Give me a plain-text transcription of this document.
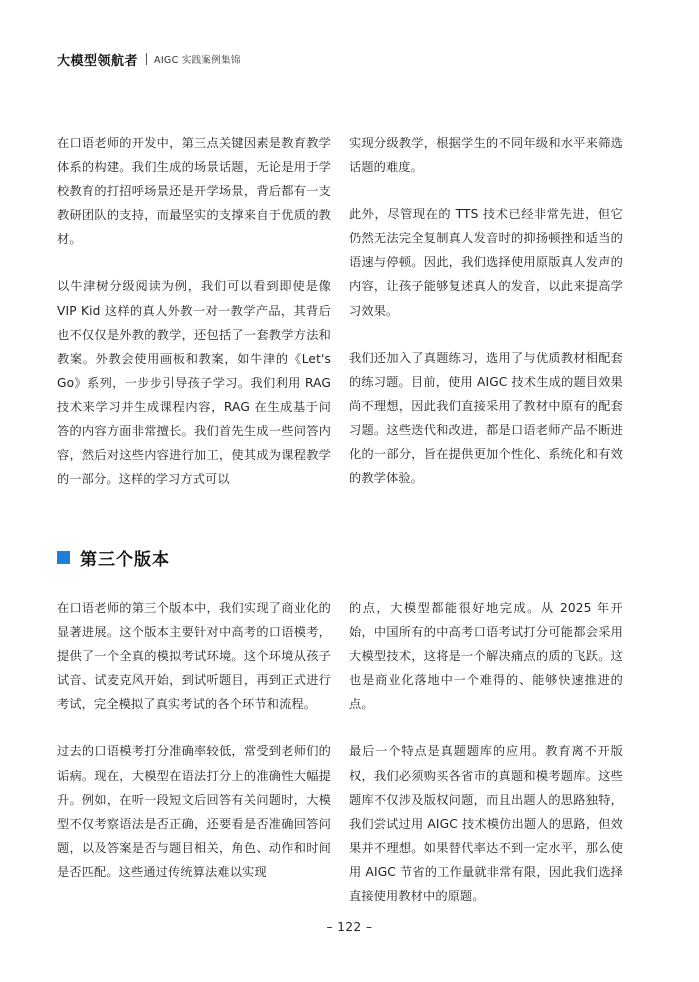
大模型领航者 AIGC 实践案例集锦

在口语老师的开发中，第三点关键因素是教育教学体系的构建。我们生成的场景话题，无论是用于学校教育的打招呼场景还是开学场景，背后都有一支教研团队的支持，而最坚实的支撑来自于优质的教材。

以牛津树分级阅读为例，我们可以看到即使是像 VIP Kid 这样的真人外教一对一教学产品，其背后也不仅仅是外教的教学，还包括了一套教学方法和教案。外教会使用画板和教案，如牛津的《Let's Go》系列，一步步引导孩子学习。我们利用 RAG 技术来学习并生成课程内容，RAG 在生成基于问答的内容方面非常擅长。我们首先生成一些问答内容，然后对这些内容进行加工，使其成为课程教学的一部分。这样的学习方式可以

实现分级教学，根据学生的不同年级和水平来筛选话题的难度。

此外，尽管现在的 TTS 技术已经非常先进，但它仍然无法完全复制真人发音时的抑扬顿挫和适当的语速与停顿。因此，我们选择使用原版真人发声的内容，让孩子能够复述真人的发音，以此来提高学习效果。

我们还加入了真题练习，选用了与优质教材相配套的练习题。目前，使用 AIGC 技术生成的题目效果尚不理想，因此我们直接采用了教材中原有的配套习题。这些迭代和改进，都是口语老师产品不断进化的一部分，旨在提供更加个性化、系统化和有效的教学体验。

第三个版本

在口语老师的第三个版本中，我们实现了商业化的显著进展。这个版本主要针对中高考的口语模考，提供了一个全真的模拟考试环境。这个环境从孩子试音、试麦克风开始，到试听题目，再到正式进行考试，完全模拟了真实考试的各个环节和流程。

过去的口语模考打分准确率较低，常受到老师们的诟病。现在，大模型在语法打分上的准确性大幅提升。例如，在听一段短文后回答有关问题时，大模型不仅考察语法是否正确，还要看是否准确回答问题，以及答案是否与题目相关，角色、动作和时间是否匹配。这些通过传统算法难以实现

的点，大模型都能很好地完成。从 2025 年开始，中国所有的中高考口语考试打分可能都会采用大模型技术，这将是一个解决痛点的质的飞跃。这也是商业化落地中一个难得的、能够快速推进的点。

最后一个特点是真题题库的应用。教育离不开版权，我们必须购买各省市的真题和模考题库。这些题库不仅涉及版权问题，而且出题人的思路独特，我们尝试过用 AIGC 技术模仿出题人的思路，但效果并不理想。如果替代率达不到一定水平，那么使用 AIGC 节省的工作量就非常有限，因此我们选择直接使用教材中的原题。

– 122 –
